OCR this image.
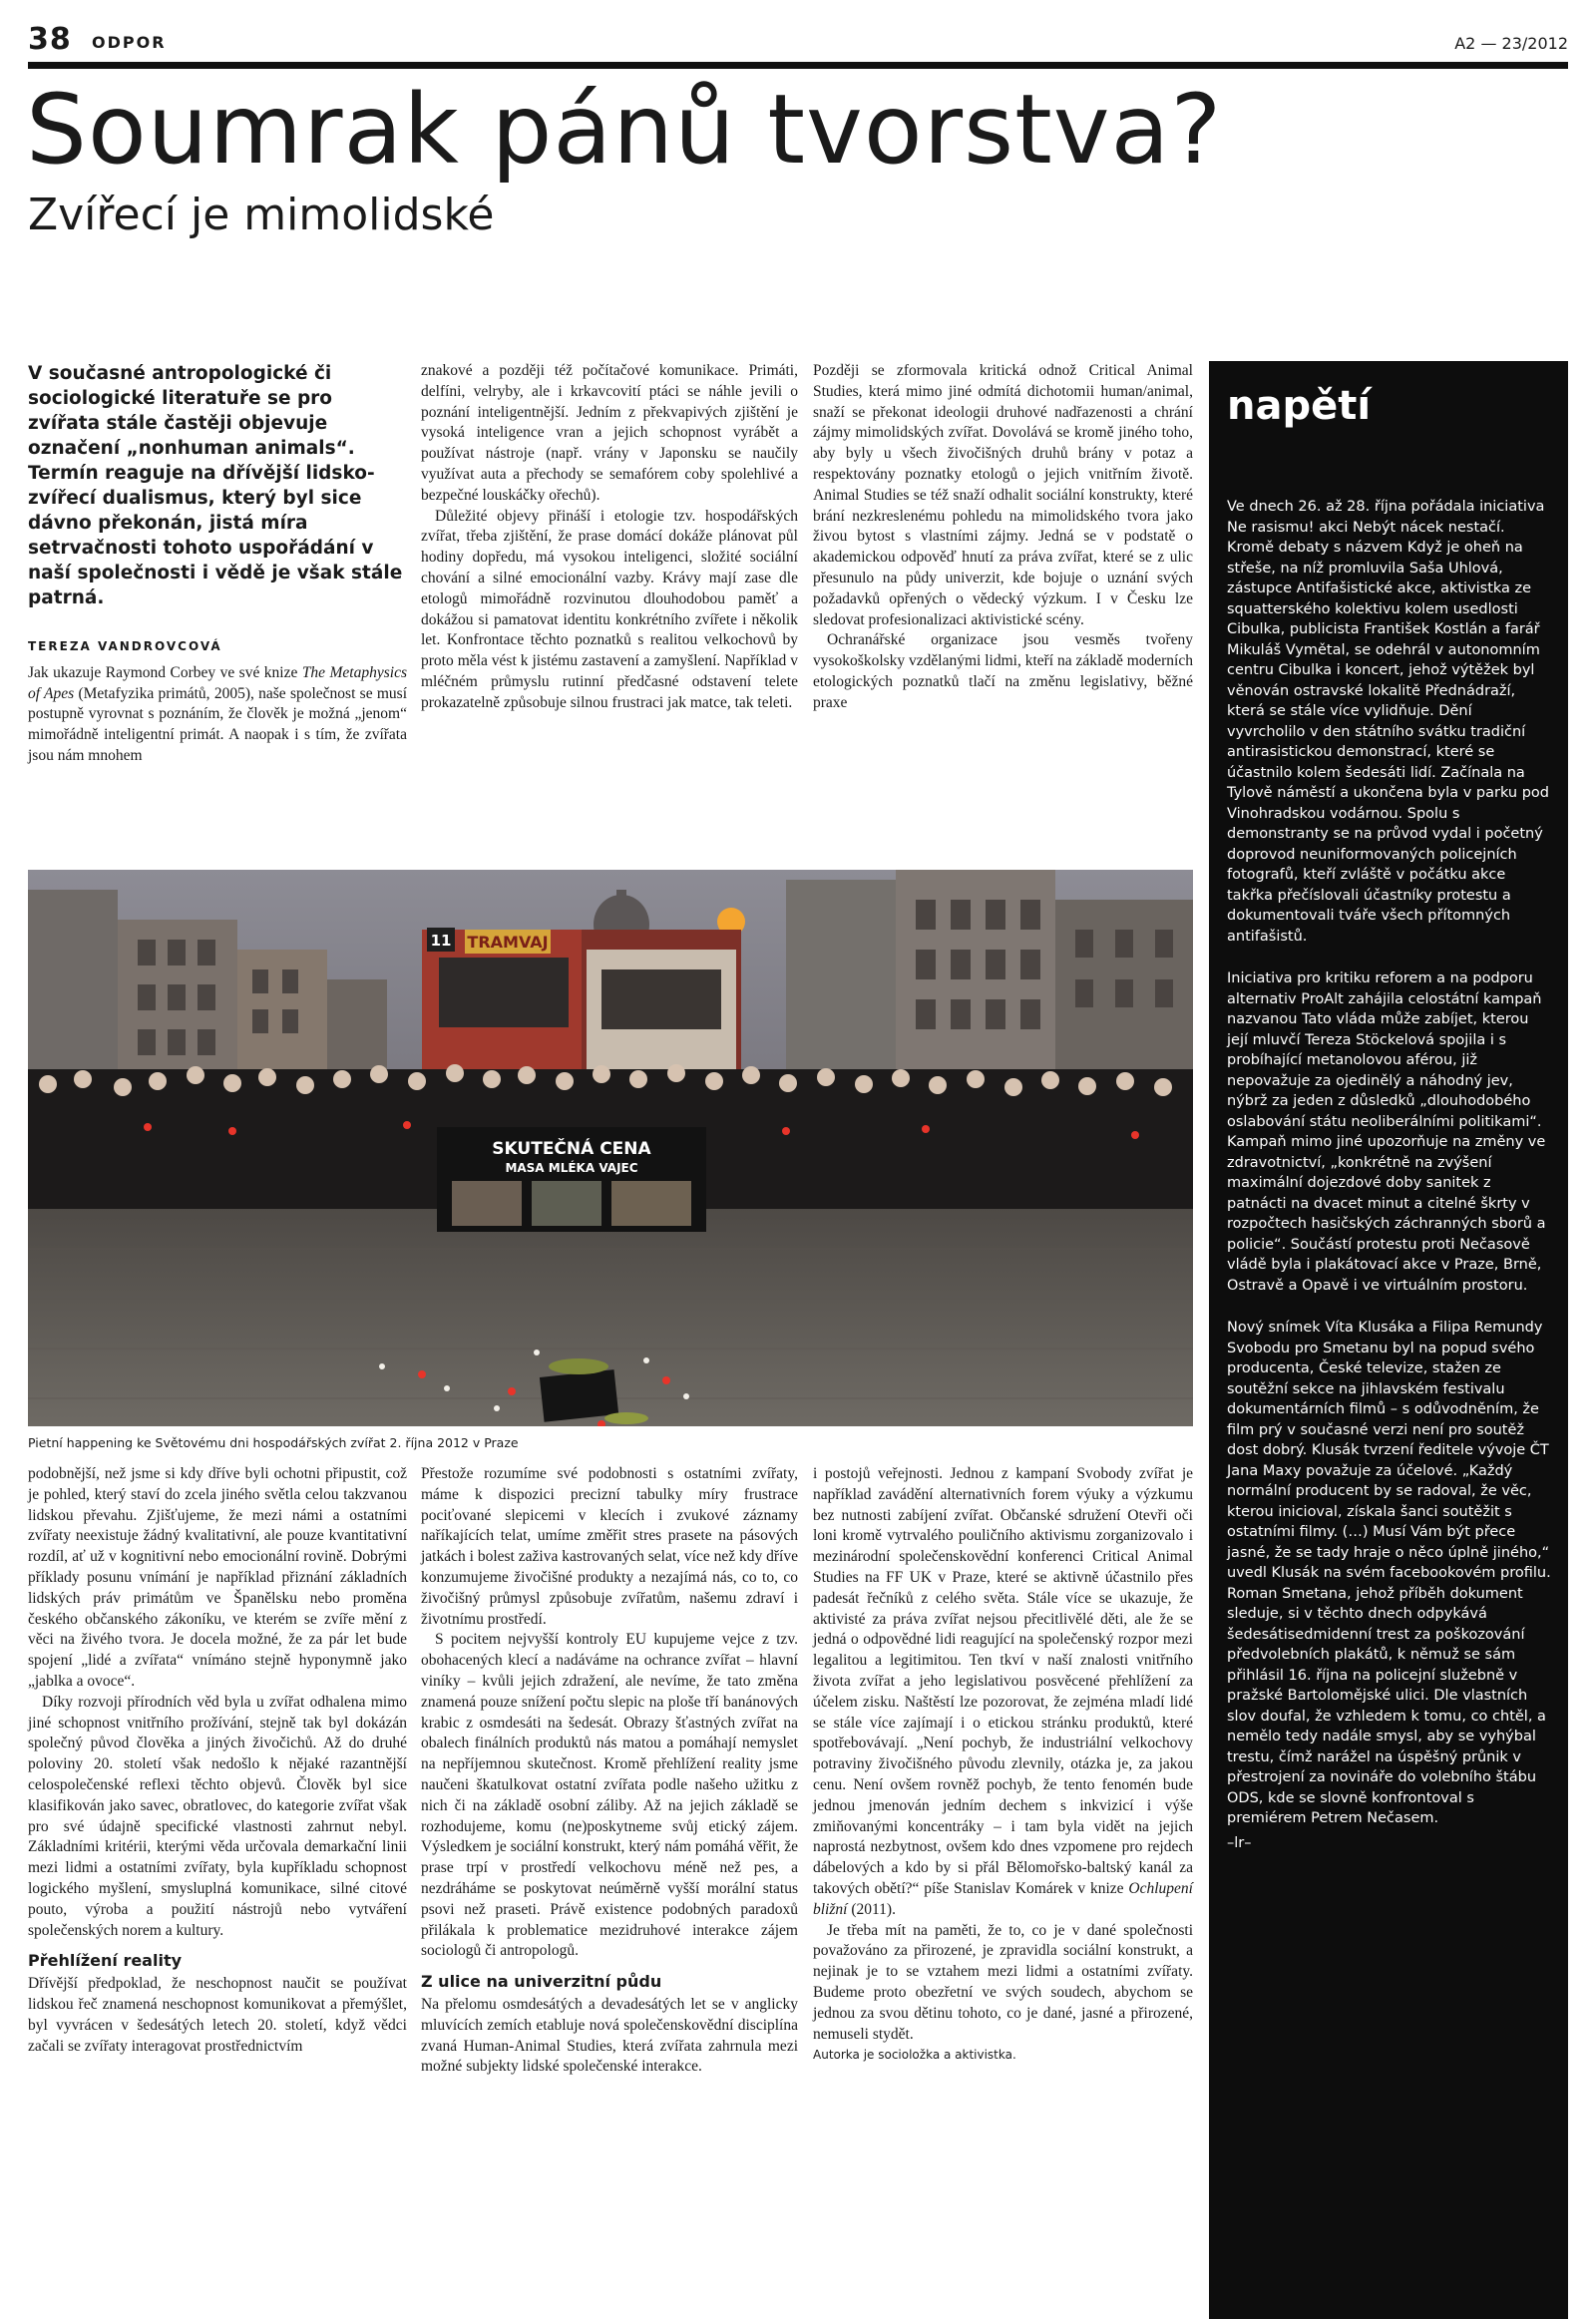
38 ODPOR	A2 — 23/2012
Soumrak pánů tvorstva?
Zvířecí je mimolidské
V současné antropologické či sociologické literatuře se pro zvířata stále častěji objevuje označení „nonhuman animals“. Termín reaguje na dřívější lidsko-zvířecí dualismus, který byl sice dávno překonán, jistá míra setrvačnosti tohoto uspořádání v naší společnosti i vědě je však stále patrná.
TEREZA VANDROVCOVÁ

Jak ukazuje Raymond Corbey ve své knize The Metaphysics of Apes (Metafyzika primátů, 2005), naše společnost se musí postupně vyrovnat s poznáním, že člověk je možná „jenom“ mimořádně inteligentní primát. A naopak i s tím, že zvířata jsou nám mnohem

znakové a později též počítačové komunikace. Primáti, delfíni, velryby, ale i krkavcovití ptáci se náhle jevili o poznání inteligentnější. Jedním z překvapivých zjištění je vysoká inteligence vran a jejich schopnost vyrábět a používat nástroje (např. vrány v Japonsku se naučily využívat auta a přechody se semafórem coby spolehlivé a bezpečné louskáčky ořechů).

Důležité objevy přináší i etologie tzv. hospodářských zvířat, třeba zjištění, že prase domácí dokáže plánovat půl hodiny dopředu, má vysokou inteligenci, složité sociální chování a silné emocionální vazby. Krávy mají zase dle etologů mimořádně rozvinutou dlouhodobou paměť a dokážou si pamatovat identitu konkrétního zvířete i několik let. Konfrontace těchto poznatků s realitou velkochovů by proto měla vést k jistému zastavení a zamyšlení. Například v mléčném průmyslu rutinní předčasné odstavení telete prokazatelně způsobuje silnou frustraci jak matce, tak teleti.

Později se zformovala kritická odnož Critical Animal Studies, která mimo jiné odmítá dichotomii human/animal, snaží se překonat ideologii druhové nadřazenosti a chrání zájmy mimolidských zvířat. Dovolává se kromě jiného toho, aby byly u všech živočišných druhů brány v potaz a respektovány poznatky etologů o jejich vnitřním životě. Animal Studies se též snaží odhalit sociální konstrukty, které brání nezkreslenému pohledu na mimolidského tvora jako živou bytost s vlastními zájmy. Jedná se v podstatě o akademickou odpověď hnutí za práva zvířat, které se z ulic přesunulo na půdy univerzit, kde bojuje o uznání svých požadavků opřených o vědecký výzkum. I v Česku lze sledovat profesionalizaci aktivistické scény.

Ochranářské organizace jsou vesměs tvořeny vysokoškolsky vzdělanými lidmi, kteří na základě moderních etologických poznatků tlačí na změnu legislativy, běžné praxe

TRAMVAJ
11
SKUTEČNÁ CENA
MASA MLÉKA VAJEC
Pietní happening ke Světovému dni hospodářských zvířat 2. října 2012 v Praze

podobnější, než jsme si kdy dříve byli ochotni připustit, což je pohled, který staví do zcela jiného světla celou takzvanou lidskou převahu. Zjišťujeme, že mezi námi a ostatními zvířaty neexistuje žádný kvalitativní, ale pouze kvantitativní rozdíl, ať už v kognitivní nebo emocionální rovině. Dobrými příklady posunu vnímání je například přiznání základních lidských práv primátům ve Španělsku nebo proměna českého občanského zákoníku, ve kterém se zvíře mění z věci na živého tvora. Je docela možné, že za pár let bude spojení „lidé a zvířata“ vnímáno stejně hyponymně jako „jablka a ovoce“.

Díky rozvoji přírodních věd byla u zvířat odhalena mimo jiné schopnost vnitřního prožívání, stejně tak byl dokázán společný původ člověka a jiných živočichů. Až do druhé poloviny 20. století však nedošlo k nějaké razantnější celospolečenské reflexi těchto objevů. Člověk byl sice klasifikován jako savec, obratlovec, do kategorie zvířat však pro své údajně specifické vlastnosti zahrnut nebyl. Základními kritérii, kterými věda určovala demarkační linii mezi lidmi a ostatními zvířaty, byla kupříkladu schopnost logického myšlení, smysluplná komunikace, silné citové pouto, výroba a použití nástrojů nebo vytváření společenských norem a kultury.

Přehlížení reality

Dřívější předpoklad, že neschopnost naučit se používat lidskou řeč znamená neschopnost komunikovat a přemýšlet, byl vyvrácen v šedesátých letech 20. století, když vědci začali se zvířaty interagovat prostřednictvím

Přestože rozumíme své podobnosti s ostatními zvířaty, máme k dispozici precizní tabulky míry frustrace pociťované slepicemi v klecích i zvukové záznamy naříkajících telat, umíme změřit stres prasete na pásových jatkách i bolest zaživa kastrovaných selat, více než kdy dříve konzumujeme živočišné produkty a nezajímá nás, co to, co živočišný průmysl způsobuje zvířatům, našemu zdraví i životnímu prostředí.

S pocitem nejvyšší kontroly EU kupujeme vejce z tzv. obohacených klecí a nadáváme na ochrance zvířat – hlavní viníky – kvůli jejich zdražení, ale nevíme, že tato změna znamená pouze snížení počtu slepic na ploše tří banánových krabic z osmdesáti na šedesát. Obrazy šťastných zvířat na obalech finálních produktů nás matou a pomáhají nemyslet na nepříjemnou skutečnost. Kromě přehlížení reality jsme naučeni škatulkovat ostatní zvířata podle našeho užitku z nich či na základě osobní záliby. Až na jejich základě se rozhodujeme, komu (ne)poskytneme svůj etický zájem. Výsledkem je sociální konstrukt, který nám pomáhá věřit, že prase trpí v prostředí velkochovu méně než pes, a nezdráháme se poskytovat neúměrně vyšší morální status psovi než praseti. Právě existence podobných paradoxů přilákala k problematice mezidruhové interakce zájem sociologů či antropologů.

Z ulice na univerzitní půdu

Na přelomu osmdesátých a devadesátých let se v anglicky mluvících zemích etabluje nová společenskovědní disciplína zvaná Human-Animal Studies, která zvířata zahrnula mezi možné subjekty lidské společenské interakce.

i postojů veřejnosti. Jednou z kampaní Svobody zvířat je například zavádění alternativních forem výuky a výzkumu bez nutnosti zabíjení zvířat. Občanské sdružení Otevři oči loni kromě vytrvalého pouličního aktivismu zorganizovalo i mezinárodní společenskovědní konferenci Critical Animal Studies na FF UK v Praze, které se aktivně účastnilo přes padesát řečníků z celého světa. Stále více se ukazuje, že aktivisté za práva zvířat nejsou přecitlivělé děti, ale že se jedná o odpovědné lidi reagující na společenský rozpor mezi legalitou a legitimitou. Ten tkví v naší znalosti vnitřního života zvířat a jeho legislativou posvěcené přehlížení za účelem zisku. Naštěstí lze pozorovat, že zejména mladí lidé se stále více zajímají i o etickou stránku produktů, které spotřebovávají. „Není pochyb, že industriální velkochovy potraviny živočišného původu zlevnily, otázka je, za jakou cenu. Není ovšem rovněž pochyb, že tento fenomén bude jednou jmenován jedním dechem s inkvizicí i výše zmiňovanými koncentráky – i tam byla vidět na jejich naprostá nezbytnost, ovšem kdo dnes vzpomene pro rejdech dábelových a kdo by si přál Bělomořsko-baltský kanál za takových obětí?“ píše Stanislav Komárek v knize Ochlupení bližní (2011).

Je třeba mít na paměti, že to, co je v dané společnosti považováno za přirozené, je zpravidla sociální konstrukt, a nejinak je to se vztahem mezi lidmi a ostatními zvířaty. Budeme proto obezřetní ve svých soudech, abychom se jednou za svou dětinu tohoto, co je dané, jasné a přirozené, nemuseli stydět.

Autorka je socioložka a aktivistka.
napětí

Ve dnech 26. až 28. října pořádala iniciativa Ne rasismu! akci Nebýt nácek nestačí. Kromě debaty s názvem Když je oheň na střeše, na níž promluvila Saša Uhlová, zástupce Antifašistické akce, aktivistka ze squatterského kolektivu kolem usedlosti Cibulka, publicista František Kostlán a farář Mikuláš Vymětal, se odehrál v autonomním centru Cibulka i koncert, jehož výtěžek byl věnován ostravské lokalitě Přednádraží, která se stále více vylidňuje. Dění vyvrcholilo v den státního svátku tradiční antirasistickou demonstrací, které se účastnilo kolem šedesáti lidí. Začínala na Tylově náměstí a ukončena byla v parku pod Vinohradskou vodárnou. Spolu s demonstranty se na průvod vydal i početný doprovod neuniformovaných policejních fotografů, kteří zvláště v počátku akce takřka přečíslovali účastníky protestu a dokumentovali tváře všech přítomných antifašistů.

Iniciativa pro kritiku reforem a na podporu alternativ ProAlt zahájila celostátní kampaň nazvanou Tato vláda může zabíjet, kterou její mluvčí Tereza Stöckelová spojila i s probíhající metanolovou aférou, již nepovažuje za ojedinělý a náhodný jev, nýbrž za jeden z důsledků „dlouhodobého oslabování státu neoliberálními politikami“. Kampaň mimo jiné upozorňuje na změny ve zdravotnictví, „konkrétně na zvýšení maximální dojezdové doby sanitek z patnácti na dvacet minut a citelné škrty v rozpočtech hasičských záchranných sborů a policie“. Součástí protestu proti Nečasově vládě byla i plakátovací akce v Praze, Brně, Ostravě a Opavě i ve virtuálním prostoru.

Nový snímek Víta Klusáka a Filipa Remundy Svobodu pro Smetanu byl na popud svého producenta, České televize, stažen ze soutěžní sekce na jihlavském festivalu dokumentárních filmů – s odůvodněním, že film prý v současné verzi není pro soutěž dost dobrý. Klusák tvrzení ředitele vývoje ČT Jana Maxy považuje za účelové. „Každý normální producent by se radoval, že věc, kterou inicioval, získala šanci soutěžit s ostatními filmy. (…) Musí Vám být přece jasné, že se tady hraje o něco úplně jiného,“ uvedl Klusák na svém facebookovém profilu. Roman Smetana, jehož příběh dokument sleduje, si v těchto dnech odpykává šedesátisedmidenní trest za poškozování předvolebních plakátů, k němuž se sám přihlásil 16. října na policejní služebně v pražské Bartolomějské ulici. Dle vlastních slov doufal, že vzhledem k tomu, co chtěl, a nemělo tedy nadále smysl, aby se vyhýbal trestu, čímž narážel na úspěšný průnik v přestrojení za novináře do volebního štábu ODS, kde se slovně konfrontoval s premiérem Petrem Nečasem.

–lr–
